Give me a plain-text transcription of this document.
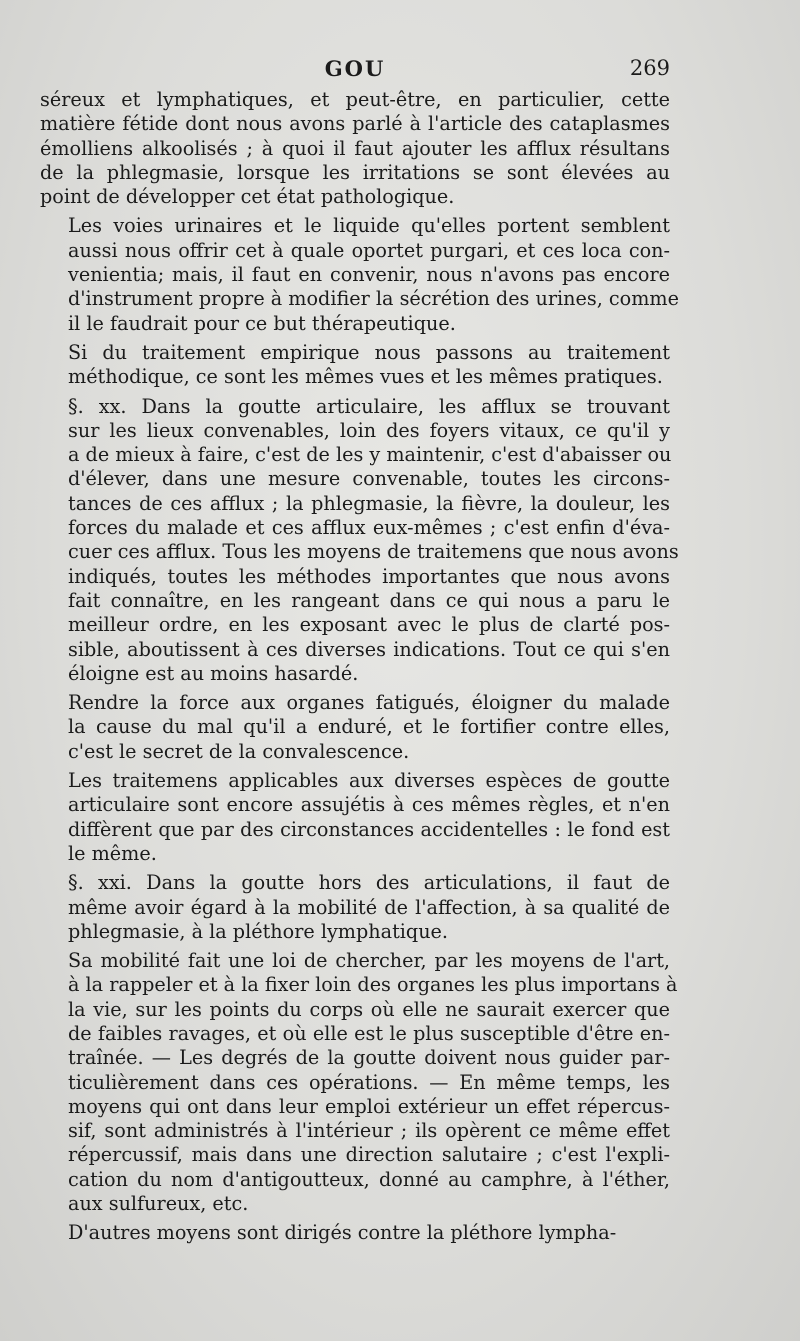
GOU	269

séreux et lymphatiques, et peut-être, en particulier, cette
matière fétide dont nous avons parlé à l'article des cataplasmes
émolliens alkoolisés ; à quoi il faut ajouter les afflux résultans
de la phlegmasie, lorsque les irritations se sont élevées au
point de développer cet état pathologique.

Les voies urinaires et le liquide qu'elles portent semblent
aussi nous offrir cet à quale oportet purgari, et ces loca con-
venientia; mais, il faut en convenir, nous n'avons pas encore
d'instrument propre à modifier la sécrétion des urines, comme
il le faudrait pour ce but thérapeutique.

Si du traitement empirique nous passons au traitement
méthodique, ce sont les mêmes vues et les mêmes pratiques.

§. xx. Dans la goutte articulaire, les afflux se trouvant
sur les lieux convenables, loin des foyers vitaux, ce qu'il y
a de mieux à faire, c'est de les y maintenir, c'est d'abaisser ou
d'élever, dans une mesure convenable, toutes les circons-
tances de ces afflux ; la phlegmasie, la fièvre, la douleur, les
forces du malade et ces afflux eux-mêmes ; c'est enfin d'éva-
cuer ces afflux. Tous les moyens de traitemens que nous avons
indiqués, toutes les méthodes importantes que nous avons
fait connaître, en les rangeant dans ce qui nous a paru le
meilleur ordre, en les exposant avec le plus de clarté pos-
sible, aboutissent à ces diverses indications. Tout ce qui s'en
éloigne est au moins hasardé.

Rendre la force aux organes fatigués, éloigner du malade
la cause du mal qu'il a enduré, et le fortifier contre elles,
c'est le secret de la convalescence.

Les traitemens applicables aux diverses espèces de goutte
articulaire sont encore assujétis à ces mêmes règles, et n'en
diffèrent que par des circonstances accidentelles : le fond est
le même.

§. xxi. Dans la goutte hors des articulations, il faut de
même avoir égard à la mobilité de l'affection, à sa qualité de
phlegmasie, à la pléthore lymphatique.

Sa mobilité fait une loi de chercher, par les moyens de l'art,
à la rappeler et à la fixer loin des organes les plus importans à
la vie, sur les points du corps où elle ne saurait exercer que
de faibles ravages, et où elle est le plus susceptible d'être en-
traînée. — Les degrés de la goutte doivent nous guider par-
ticulièrement dans ces opérations. — En même temps, les
moyens qui ont dans leur emploi extérieur un effet répercus-
sif, sont administrés à l'intérieur ; ils opèrent ce même effet
répercussif, mais dans une direction salutaire ; c'est l'expli-
cation du nom d'antigoutteux, donné au camphre, à l'éther,
aux sulfureux, etc.

D'autres moyens sont dirigés contre la pléthore lympha-
